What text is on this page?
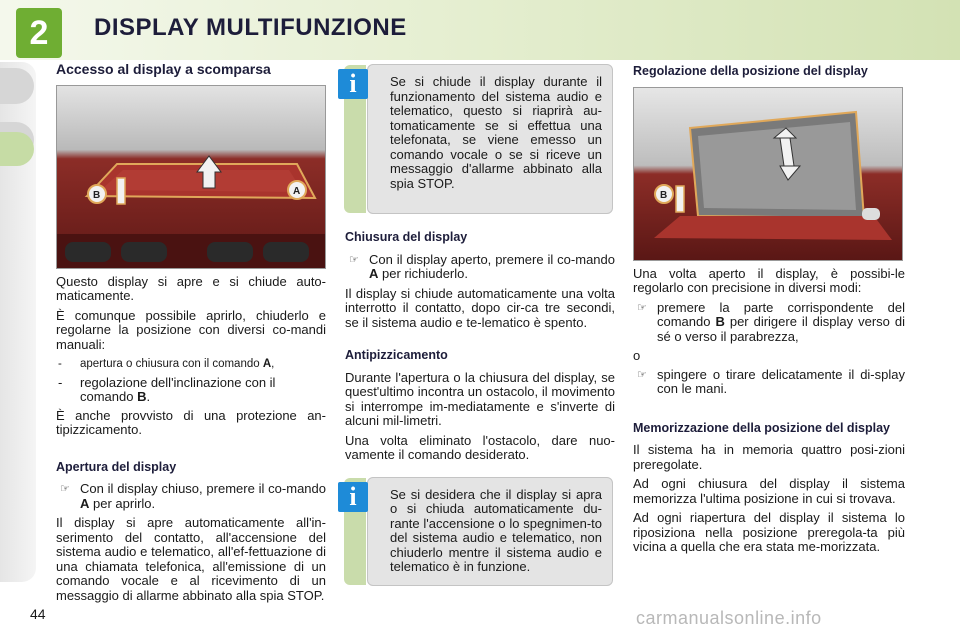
2	DISPLAY MULTIFUNZIONE
Accesso al display a scomparsa
B	A

Questo display si apre e si chiude auto-maticamente.

È comunque possibile aprirlo, chiuderlo e regolarne la posizione con diversi co-mandi manuali:

- apertura o chiusura con il comando A,
- regolazione dell'inclinazione con il comando B.

È anche provvisto di una protezione an-tipizzicamento.

Apertura del display
☞ Con il display chiuso, premere il co-mando A per aprirlo.

Il display si apre automaticamente all'in-serimento del contatto, all'accensione del sistema audio e telematico, all'ef-fettuazione di una chiamata telefonica, all'emissione di un comando vocale e al ricevimento di un messaggio di allarme abbinato alla spia STOP.

i	Se si chiude il display durante il funzionamento del sistema audio e telematico, questo si riaprirà au-tomaticamente se si effettua una telefonata, se viene emesso un comando vocale o se si riceve un messaggio d'allarme abbinato alla spia STOP.

Chiusura del display
☞ Con il display aperto, premere il co-mando A per richiuderlo.

Il display si chiude automaticamente una volta interrotto il contatto, dopo cir-ca tre secondi, se il sistema audio e te-lematico è spento.

Antipizzicamento

Durante l'apertura o la chiusura del display, se quest'ultimo incontra un ostacolo, il movimento si interrompe im-mediatamente e s'inverte di alcuni mil-limetri.

Una volta eliminato l'ostacolo, dare nuo-vamente il comando desiderato.

i	Se si desidera che il display si apra o si chiuda automaticamente du-rante l'accensione o lo spegnimen-to del sistema audio e telematico, non chiuderlo mentre il sistema audio e telematico è in funzione.

Regolazione della posizione del display
B

Una volta aperto il display, è possibi-le regolarlo con precisione in diversi modi:

☞ premere la parte corrispondente del comando B per dirigere il display verso di sé o verso il parabrezza,

o

☞ spingere o tirare delicatamente il di-splay con le mani.
Memorizzazione della posizione del display

Il sistema ha in memoria quattro posi-zioni preregolate.

Ad ogni chiusura del display il sistema memorizza l'ultima posizione in cui si trovava.

Ad ogni riapertura del display il sistema lo riposiziona nella posizione preregola-ta più vicina a quella che era stata me-morizzata.

44	carmanualsonline.info
